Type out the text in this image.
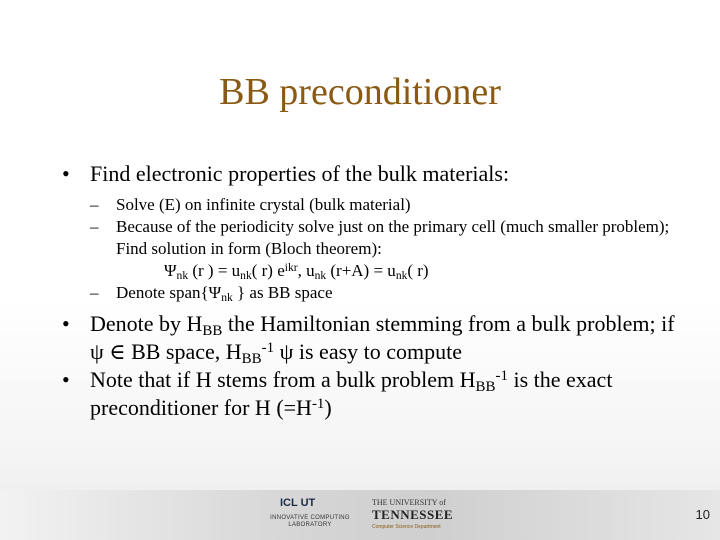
BB preconditioner
• Find electronic properties of the bulk materials:
– Solve (E) on infinite crystal (bulk material)
– Because of the periodicity solve just on the primary cell (much smaller problem); Find solution in form (Bloch theorem):
$\Psi_{nk}$ (r ) = $u_{nk}$( r) $e^{ikr}$, $u_{nk}$ $(r+A) = u_{nk}$( r)
– Denote $span\{\Psi_{nk}$ } as BB space
• Denote by $H_{BB}$ the Hamiltonian stemming from a bulk problem; if ψ ∈ BB space, $H_{BB}^{-1}$ ψ is easy to compute
• Note that if H stems from a bulk problem $H_{BB}^{-1}$ is the exact preconditioner for H $(=H^{-1})$
ICL UT
INNOVATIVE COMPUTING LABORATORY
THE UNIVERSITY of
TENNESSEE
Computer Science Department
10
